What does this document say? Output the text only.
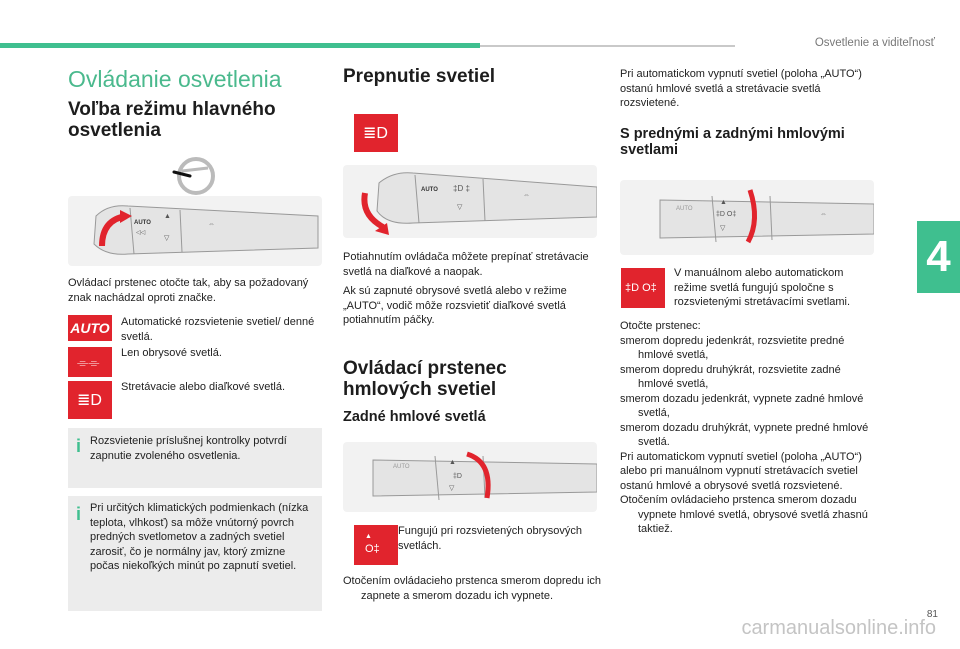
Osvetlenie a viditeľnosť
4
81
Ovládanie osvetlenia
Voľba režimu hlavného osvetlenia
AUTO
◁◁
▲
▽
⇔
Ovládací prstenec otočte tak, aby sa požadovaný znak nachádzal oproti značke.
AUTO Automatické rozsvietenie svetiel/ denné svetlá.
⌯⌯
Len obrysové svetlá.
≣D
Stretávacie alebo diaľkové svetlá.
i Rozsvietenie príslušnej kontrolky potvrdí zapnutie zvoleného osvetlenia.
i Pri určitých klimatických podmienkach (nízka teplota, vlhkosť) sa môže vnútorný povrch predných svetlometov a zadných svetiel zarosiť, čo je normálny jav, ktorý zmizne počas niekoľkých minút po zapnutí svetiel.
Prepnutie svetiel
≣D
AUTO ‡D ‡
▽
⇔
Potiahnutím ovládača môžete prepínať stretávacie svetlá na diaľkové a naopak.
Ak sú zapnuté obrysové svetlá alebo v režime „AUTO“, vodič môže rozsvietiť diaľkové svetlá potiahnutím páčky.
Ovládací prstenec hmlových svetiel
Zadné hmlové svetlá
▲
‡D
▽
AUTO
▲
O‡
Fungujú pri rozsvietených obrysových svetlách.
Otočením ovládacieho prstenca smerom dopredu ich zapnete a smerom dozadu ich vypnete.
Pri automatickom vypnutí svetiel (poloha „AUTO“) ostanú hmlové svetlá a stretávacie svetlá rozsvietené.
S prednými a zadnými hmlovými svetlami
▲
‡D O‡
▽
AUTO
⇔
‡D O‡
V manuálnom alebo automatickom režime svetlá fungujú spoločne s rozsvietenými stretávacími svetlami.
Otočte prstenec:
smerom dopredu jedenkrát, rozsvietite predné hmlové svetlá,
smerom dopredu druhýkrát, rozsvietite zadné hmlové svetlá,
smerom dozadu jedenkrát, vypnete zadné hmlové svetlá,
smerom dozadu druhýkrát, vypnete predné hmlové svetlá.
Pri automatickom vypnutí svetiel (poloha „AUTO“) alebo pri manuálnom vypnutí stretávacích svetiel ostanú hmlové a obrysové svetlá rozsvietené.
Otočením ovládacieho prstenca smerom dozadu vypnete hmlové svetlá, obrysové svetlá zhasnú taktiež.
carmanualsonline.info
